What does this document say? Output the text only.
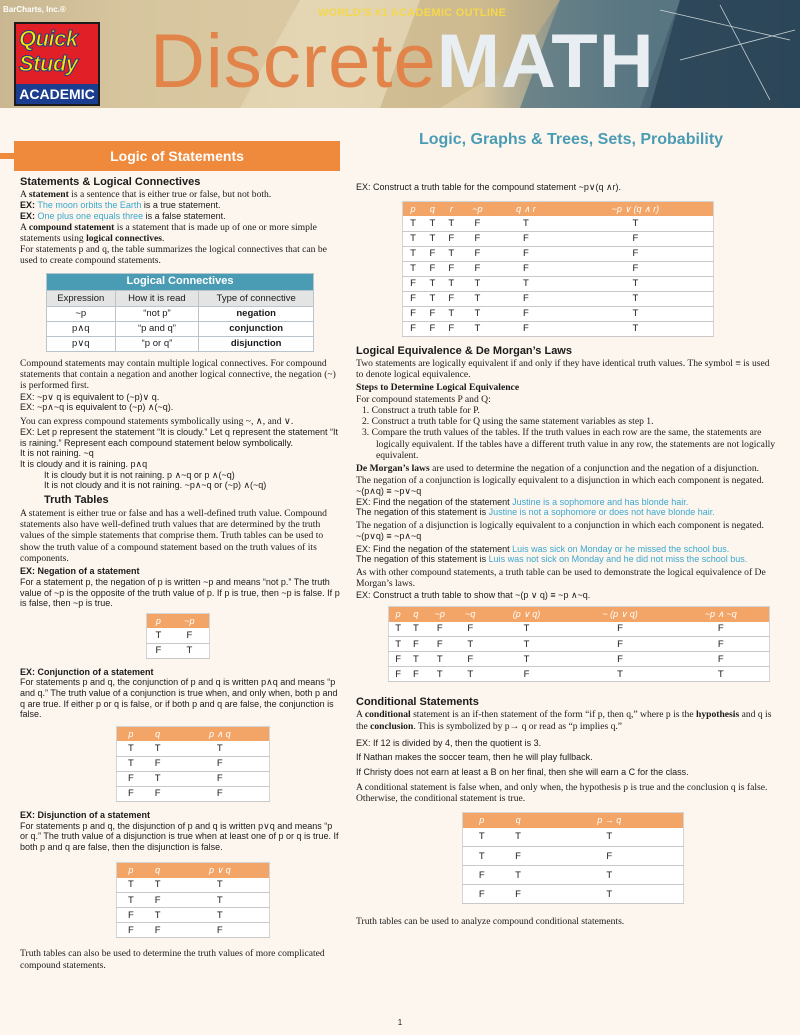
BarCharts, Inc.®	WORLD'S #1 ACADEMIC OUTLINE
Quick
Study
ACADEMIC DiscreteMATH
Logic, Graphs & Trees, Sets, Probability
Logic of Statements
Statements & Logical Connectives

A statement is a sentence that is either true or false, but not both.

EX: The moon orbits the Earth is a true statement.

EX: One plus one equals three is a false statement.

A compound statement is a statement that is made up of one or more simple statements using logical connectives.

For statements p and q, the table summarizes the logical connectives that can be used to create compound statements.

Logical Connectives		
Expression	How it is read	Type of connective
~p	“not p”	negation
p∧q	“p and q”	conjunction
p∨q	“p or q”	disjunction

Compound statements may contain multiple logical connectives. For compound statements that contain a negation and another logical connective, the negation (~) is performed first.

EX: ~p∨ q is equivalent to (~p)∨ q.

EX: ~p∧~q is equivalent to (~p) ∧(~q).

You can express compound statements symbolically using ~, ∧, and ∨.

EX: Let p represent the statement “It is cloudy.” Let q represent the statement “It is raining.” Represent each compound statement below symbolically.

It is not raining. ~q

It is cloudy and it is raining. p∧q

It is cloudy but it is not raining. p ∧~q or p ∧(~q)

It is not cloudy and it is not raining. ~p∧~q or (~p) ∧(~q)

Truth Tables

A statement is either true or false and has a well-defined truth value. Compound statements also have well-defined truth values that are determined by the truth values of the simple statements that comprise them. Truth tables can be used to show the truth value of a compound statement based on the truth values of its components.

EX: Negation of a statement

For a statement p, the negation of p is written ~p and means “not p.” The truth value of ~p is the opposite of the truth value of p. If p is true, then ~p is false. If p is false, then ~p is true.

p	~p
T	F
F	T

EX: Conjunction of a statement

For statements p and q, the conjunction of p and q is written p∧q and means “p and q.” The truth value of a conjunction is true when, and only when, both p and q are true. If either p or q is false, or if both p and q are false, the conjunction is false.

p	q	p ∧ q
T	T	T
T	F	F
F	T	F
F	F	F

EX: Disjunction of a statement

For statements p and q, the disjunction of p and q is written p∨q and means “p or q.” The truth value of a disjunction is true when at least one of p or q is true. If both p and q are false, then the disjunction is false.

p	q	p ∨ q
T	T	T
T	F	T
F	T	T
F	F	F

Truth tables can also be used to determine the truth values of more complicated compound statements.

EX: Construct a truth table for the compound statement ~p∨(q ∧r).

p	q	r	~p	q ∧ r	~p ∨ (q ∧ r)
T	T	T	F	T	T
T	T	F	F	F	F
T	F	T	F	F	F
T	F	F	F	F	F
F	T	T	T	T	T
F	T	F	T	F	T
F	F	T	T	F	T
F	F	F	T	F	T
Logical Equivalence & De Morgan’s Laws

Two statements are logically equivalent if and only if they have identical truth values. The symbol ≡ is used to denote logical equivalence.

Steps to Determine Logical Equivalence

For compound statements P and Q:

1. Construct a truth table for P.

2. Construct a truth table for Q using the same statement variables as step 1.

3. Compare the truth values of the tables. If the truth values in each row are the same, the statements are logically equivalent. If the tables have a different truth value in any row, the statements are not logically equivalent.

De Morgan’s laws are used to determine the negation of a conjunction and the negation of a disjunction.

The negation of a conjunction is logically equivalent to a disjunction in which each component is negated.

~(p∧q) ≡ ~p∨~q

EX: Find the negation of the statement Justine is a sophomore and has blonde hair.

The negation of this statement is Justine is not a sophomore or does not have blonde hair.

The negation of a disjunction is logically equivalent to a conjunction in which each component is negated.

~(p∨q) ≡ ~p∧~q

EX: Find the negation of the statement Luis was sick on Monday or he missed the school bus.

The negation of this statement is Luis was not sick on Monday and he did not miss the school bus.

As with other compound statements, a truth table can be used to demonstrate the logical equivalence of De Morgan’s laws.

EX: Construct a truth table to show that ~(p ∨ q) ≡ ~p ∧~q.

p	q	~p	~q	(p ∨ q)	~ (p ∨ q)	~p ∧ ~q
T	T	F	F	T	F	F
T	F	F	T	T	F	F
F	T	T	F	T	F	F
F	F	T	T	F	T	T
Conditional Statements

A conditional statement is an if-then statement of the form “if p, then q,” where p is the hypothesis and q is the conclusion. This is symbolized by p→ q or read as “p implies q.”

EX: If 12 is divided by 4, then the quotient is 3.

If Nathan makes the soccer team, then he will play fullback.

If Christy does not earn at least a B on her final, then she will earn a C for the class.

A conditional statement is false when, and only when, the hypothesis p is true and the conclusion q is false. Otherwise, the conditional statement is true.

p	q	p → q
T	T	T
T	F	F
F	T	T
F	F	T

Truth tables can be used to analyze compound conditional statements.

1
